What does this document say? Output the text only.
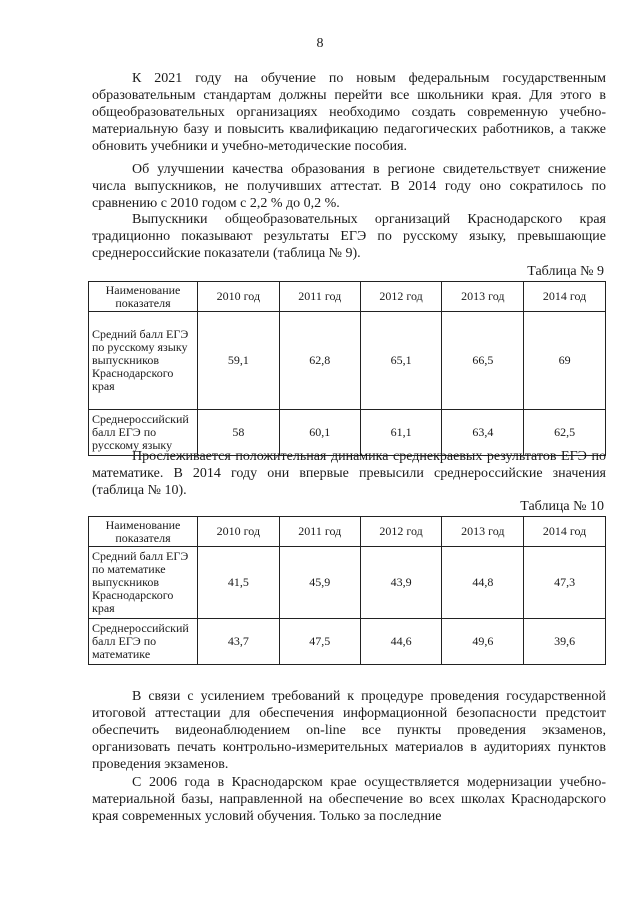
8

К 2021 году на обучение по новым федеральным государственным образовательным стандартам должны перейти все школьники края. Для этого в общеобразовательных организациях необходимо создать современную учебно-материальную базу и повысить квалификацию педагогических работников, а также обновить учебники и учебно-методические пособия.

Об улучшении качества образования в регионе свидетельствует снижение числа выпускников, не получивших аттестат. В 2014 году оно сократилось по сравнению с 2010 годом с 2,2 % до 0,2 %.

Выпускники общеобразовательных организаций Краснодарского края традиционно показывают результаты ЕГЭ по русскому языку, превышающие среднероссийские показатели (таблица № 9).

Таблица № 9
Наименование показателя	2010 год	2011 год	2012 год	2013 год	2014 год
Средний балл ЕГЭ по русскому языку выпускников Краснодарского края	59,1	62,8	65,1	66,5	69
Среднероссийский балл ЕГЭ по русскому языку	58	60,1	61,1	63,4	62,5

Прослеживается положительная динамика среднекраевых результатов ЕГЭ по математике. В 2014 году они впервые превысили среднероссийские значения (таблица № 10).

Таблица № 10
Наименование показателя	2010 год	2011 год	2012 год	2013 год	2014 год
Средний балл ЕГЭ по математике выпускников Краснодарского края	41,5	45,9	43,9	44,8	47,3
Среднероссийский балл ЕГЭ по математике	43,7	47,5	44,6	49,6	39,6

В связи с усилением требований к процедуре проведения государственной итоговой аттестации для обеспечения информационной безопасности предстоит обеспечить видеонаблюдением on-line все пункты проведения экзаменов, организовать печать контрольно-измерительных материалов в аудиториях пунктов проведения экзаменов.

С 2006 года в Краснодарском крае осуществляется модернизации учебно-материальной базы, направленной на обеспечение во всех школах Краснодарского края современных условий обучения. Только за последние
